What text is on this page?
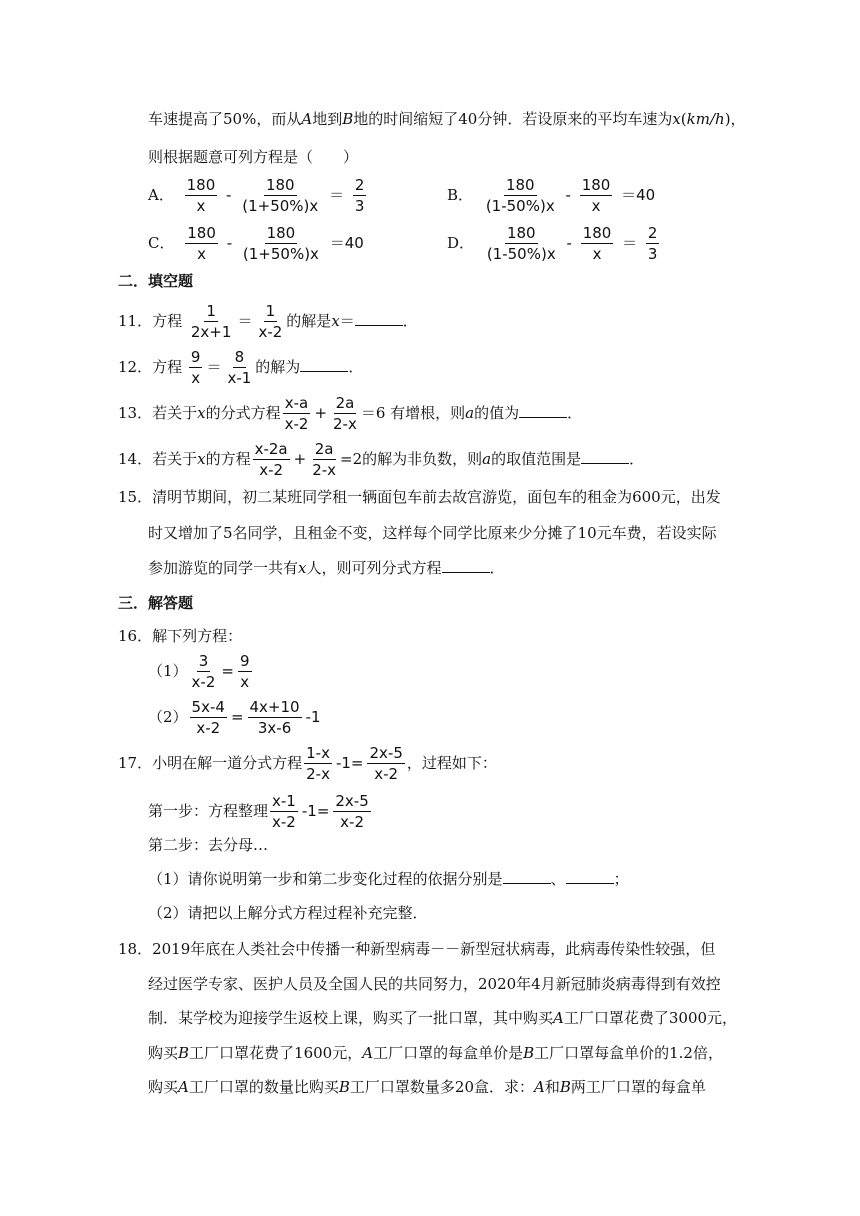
车速提高了50%，而从A地到B地的时间缩短了40分钟．若设原来的平均车速为x(km/h)，
则根据题意可列方程是（　　）
A． $\frac{180}{x} - \frac{180}{(1+50\%)x} = \frac{2}{3}$	B． $\frac{180}{(1-50\%)x} - \frac{180}{x} =40$
C． $\frac{180}{x} - \frac{180}{(1+50\%)x} =40$	D． $\frac{180}{(1-50\%)x} - \frac{180}{x} = \frac{2}{3}$
二．填空题
11．方程 $\frac{1}{2x+1} = \frac{1}{x-2}$ 的解是x＝	．
12．方程 $\frac{9}{x} = \frac{8}{x-1}$ 的解为	．
13．若关于x的分式方程 $\frac{x-a}{x-2} + \frac{2a}{2-x} =6$ 有增根，则a的值为	．
14．若关于x的方程 $\frac{x-2a}{x-2} + \frac{2a}{2-x} =2$的解为非负数，则a的取值范围是	．
15．清明节期间，初二某班同学租一辆面包车前去故宫游览，面包车的租金为600元，出发
时又增加了5名同学，且租金不变，这样每个同学比原来少分摊了10元车费，若设实际
参加游览的同学一共有x人，则可列分式方程	．
三．解答题
16．解下列方程：
$(1) \frac{3}{x-2} = \frac{9}{x}$
$(2) \frac{5x-4}{x-2} = \frac{4x+10}{3x-6} -1$
17．小明在解一道分式方程 $\frac{1-x}{2-x} -1= \frac{2x-5}{x-2}$ ，过程如下：
第一步：方程整理 $\frac{x-1}{x-2} -1= \frac{2x-5}{x-2}$
第二步：去分母…
（1）请你说明第一步和第二步变化过程的依据分别是	、	；
（2）请把以上解分式方程过程补充完整．
18．2019年底在人类社会中传播一种新型病毒－－新型冠状病毒，此病毒传染性较强，但
经过医学专家、医护人员及全国人民的共同努力，2020年4月新冠肺炎病毒得到有效控
制．某学校为迎接学生返校上课，购买了一批口罩，其中购买A工厂口罩花费了3000元，
购买B工厂口罩花费了1600元，A工厂口罩的每盒单价是B工厂口罩每盒单价的1.2倍，
购买A工厂口罩的数量比购买B工厂口罩数量多20盒．求：A和B两工厂口罩的每盒单
